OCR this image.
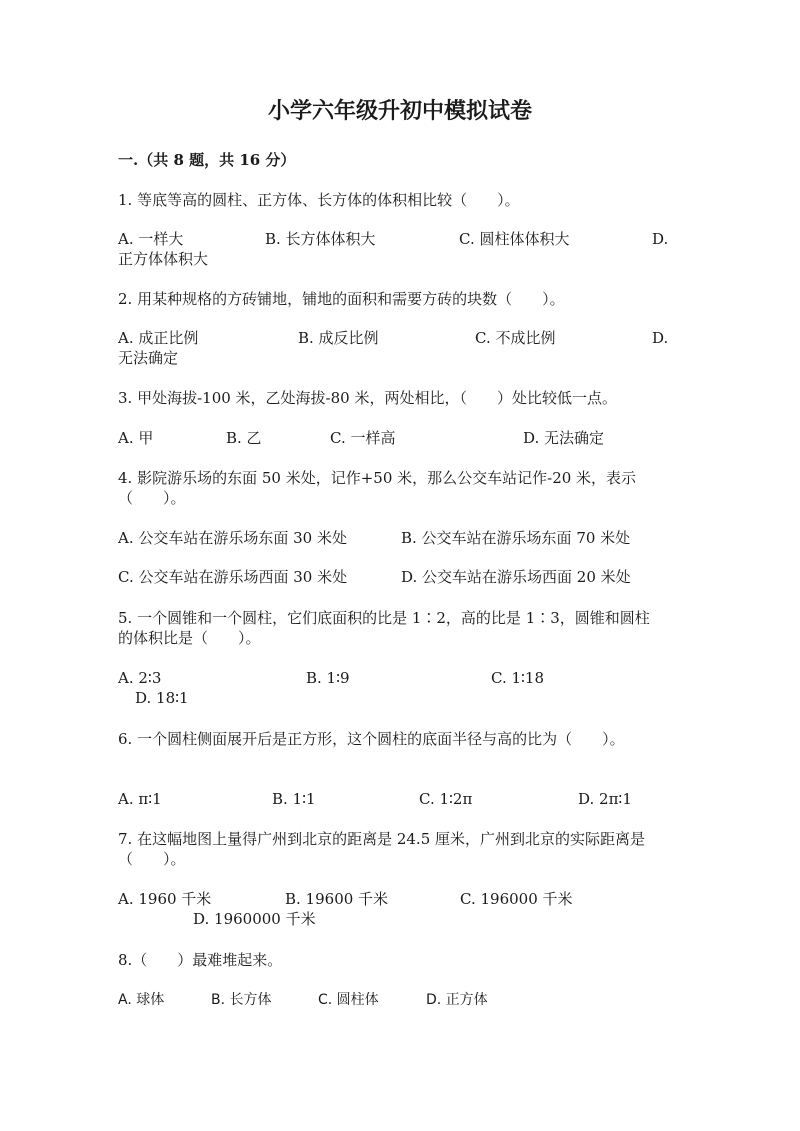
小学六年级升初中模拟试卷
一.（共 8 题，共 16 分）
1. 等底等高的圆柱、正方体、长方体的体积相比较（　　）。
A. 一样大	B. 长方体体积大	C. 圆柱体体积大	D.
正方体体积大
2. 用某种规格的方砖铺地，铺地的面积和需要方砖的块数（　　）。
A. 成正比例	B. 成反比例	C. 不成比例	D.
无法确定
3. 甲处海拔-100 米，乙处海拔-80 米，两处相比，（　　）处比较低一点。
A. 甲	B. 乙	C. 一样高	D. 无法确定
4. 影院游乐场的东面 50 米处，记作+50 米，那么公交车站记作-20 米，表示
（　　）。
A. 公交车站在游乐场东面 30 米处	B. 公交车站在游乐场东面 70 米处
C. 公交车站在游乐场西面 30 米处	D. 公交车站在游乐场西面 20 米处
5. 一个圆锥和一个圆柱，它们底面积的比是 1∶2，高的比是 1∶3，圆锥和圆柱
的体积比是（　　）。
A. 2∶3	B. 1∶9	C. 1∶18
D. 18∶1
6. 一个圆柱侧面展开后是正方形，这个圆柱的底面半径与高的比为（　　）。
A. π∶1	B. 1∶1	C. 1∶2π	D. 2π∶1
7. 在这幅地图上量得广州到北京的距离是 24.5 厘米，广州到北京的实际距离是
（　　）。
A. 1960 千米	B. 19600 千米	C. 196000 千米
D. 1960000 千米
8.（　　）最难堆起来。
A. 球体	B. 长方体	C. 圆柱体	D. 正方体
